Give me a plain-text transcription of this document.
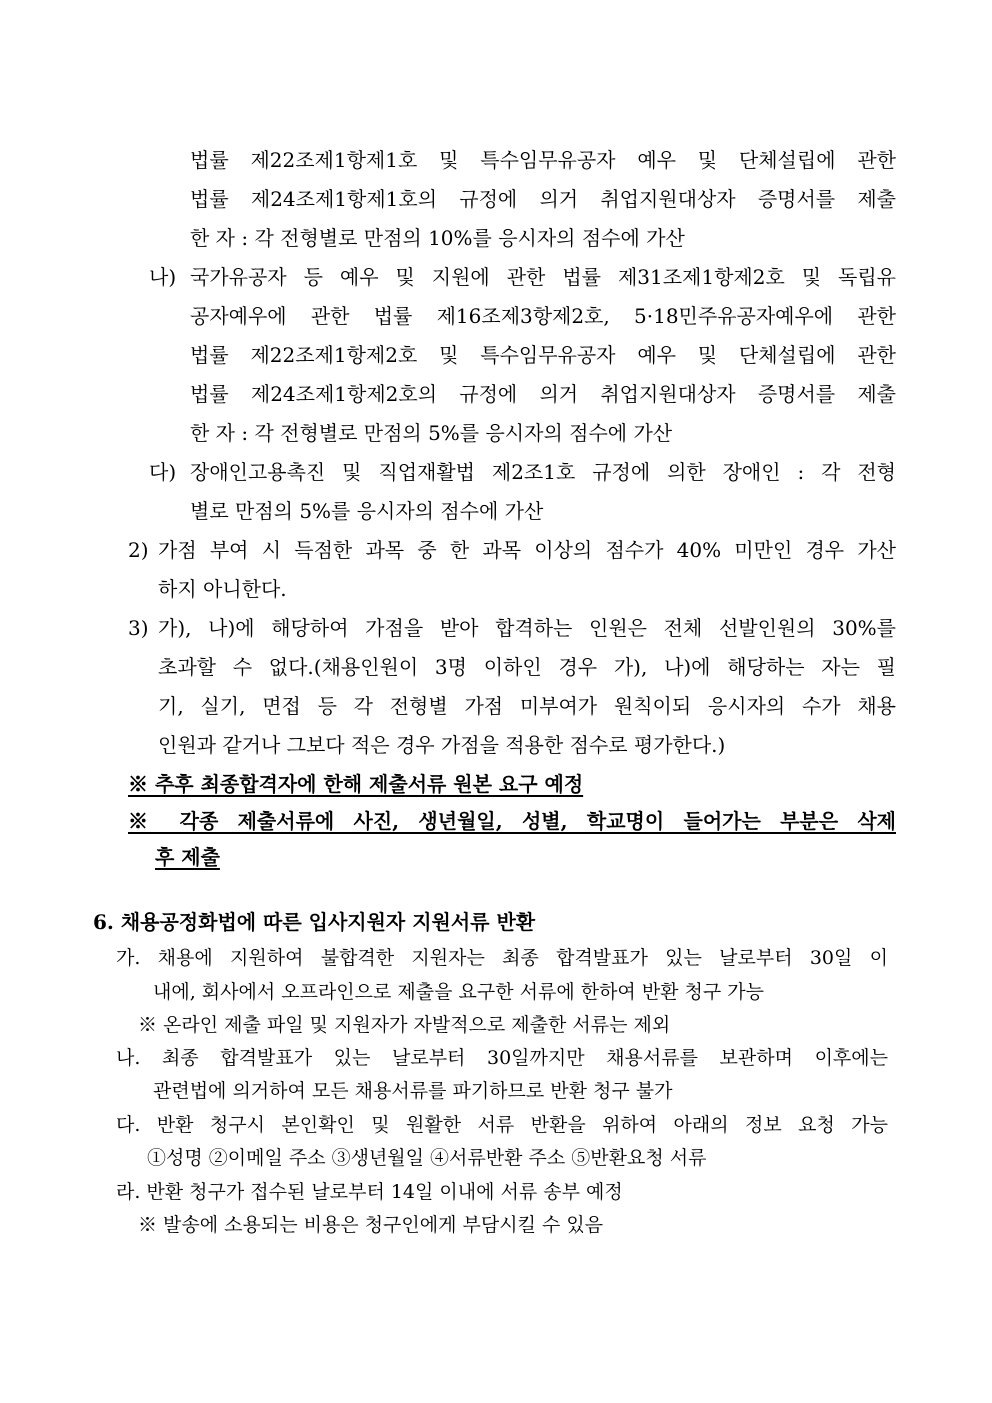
법률 제22조제1항제1호 및 특수임무유공자 예우 및 단체설립에 관한

법률 제24조제1항제1호의 규정에 의거 취업지원대상자 증명서를 제출

한 자 : 각 전형별로 만점의 10%를 응시자의 점수에 가산

나) 국가유공자 등 예우 및 지원에 관한 법률 제31조제1항제2호 및 독립유

공자예우에 관한 법률 제16조제3항제2호, 5·18민주유공자예우에 관한

법률 제22조제1항제2호 및 특수임무유공자 예우 및 단체설립에 관한

법률 제24조제1항제2호의 규정에 의거 취업지원대상자 증명서를 제출

한 자 : 각 전형별로 만점의 5%를 응시자의 점수에 가산

다) 장애인고용촉진 및 직업재활법 제2조1호 규정에 의한 장애인 : 각 전형

별로 만점의 5%를 응시자의 점수에 가산

2) 가점 부여 시 득점한 과목 중 한 과목 이상의 점수가 40% 미만인 경우 가산

하지 아니한다.

3) 가), 나)에 해당하여 가점을 받아 합격하는 인원은 전체 선발인원의 30%를

초과할 수 없다.(채용인원이 3명 이하인 경우 가), 나)에 해당하는 자는 필

기, 실기, 면접 등 각 전형별 가점 미부여가 원칙이되 응시자의 수가 채용

인원과 같거나 그보다 적은 경우 가점을 적용한 점수로 평가한다.)

※ 추후 최종합격자에 한해 제출서류 원본 요구 예정

※ 각종 제출서류에 사진, 생년월일, 성별, 학교명이 들어가는 부분은 삭제

후 제출

6. 채용공정화법에 따른 입사지원자 지원서류 반환

가. 채용에 지원하여 불합격한 지원자는 최종 합격발표가 있는 날로부터 30일 이

내에, 회사에서 오프라인으로 제출을 요구한 서류에 한하여 반환 청구 가능

※ 온라인 제출 파일 및 지원자가 자발적으로 제출한 서류는 제외

나. 최종 합격발표가 있는 날로부터 30일까지만 채용서류를 보관하며 이후에는

관련법에 의거하여 모든 채용서류를 파기하므로 반환 청구 불가

다. 반환 청구시 본인확인 및 원활한 서류 반환을 위하여 아래의 정보 요청 가능

①성명 ②이메일 주소 ③생년월일 ④서류반환 주소 ⑤반환요청 서류

라. 반환 청구가 접수된 날로부터 14일 이내에 서류 송부 예정

※ 발송에 소용되는 비용은 청구인에게 부담시킬 수 있음
